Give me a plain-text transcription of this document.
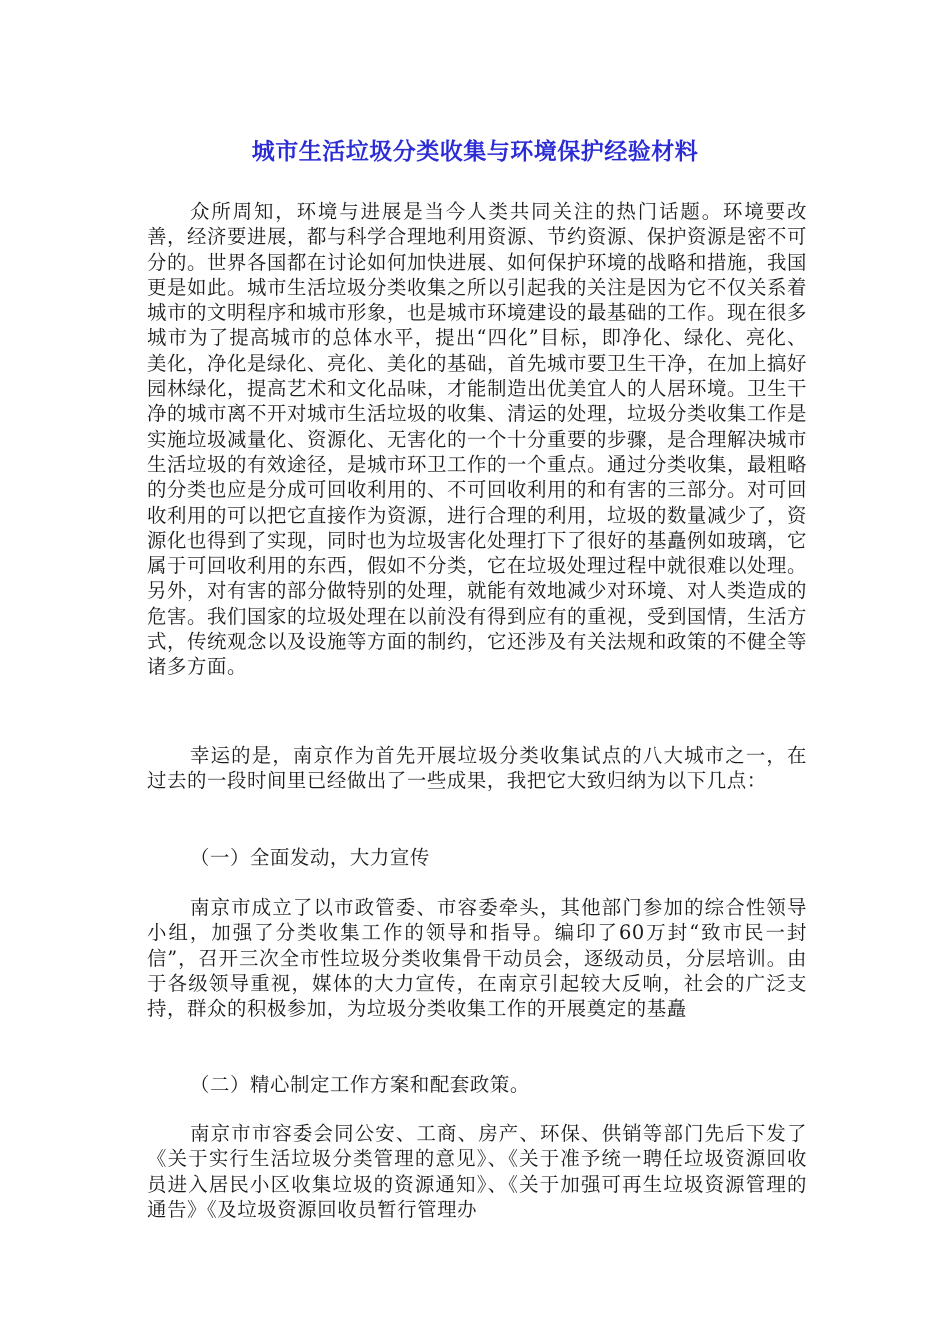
城市生活垃圾分类收集与环境保护经验材料

众所周知，环境与进展是当今人类共同关注的热门话题。环境要改善，经济要进展，都与科学合理地利用资源、节约资源、保护资源是密不可分的。世界各国都在讨论如何加快进展、如何保护环境的战略和措施，我国更是如此。城市生活垃圾分类收集之所以引起我的关注是因为它不仅关系着城市的文明程序和城市形象，也是城市环境建设的最基础的工作。现在很多城市为了提高城市的总体水平，提出“四化”目标，即净化、绿化、亮化、美化，净化是绿化、亮化、美化的基础，首先城市要卫生干净，在加上搞好园林绿化，提高艺术和文化品味，才能制造出优美宜人的人居环境。卫生干净的城市离不开对城市生活垃圾的收集、清运的处理，垃圾分类收集工作是实施垃圾减量化、资源化、无害化的一个十分重要的步骤，是合理解决城市生活垃圾的有效途径，是城市环卫工作的一个重点。通过分类收集，最粗略的分类也应是分成可回收利用的、不可回收利用的和有害的三部分。对可回收利用的可以把它直接作为资源，进行合理的利用，垃圾的数量减少了，资源化也得到了实现，同时也为垃圾害化处理打下了很好的基矗例如玻璃，它属于可回收利用的东西，假如不分类，它在垃圾处理过程中就很难以处理。另外，对有害的部分做特别的处理，就能有效地减少对环境、对人类造成的危害。我们国家的垃圾处理在以前没有得到应有的重视，受到国情，生活方式，传统观念以及设施等方面的制约，它还涉及有关法规和政策的不健全等诸多方面。

幸运的是，南京作为首先开展垃圾分类收集试点的八大城市之一，在过去的一段时间里已经做出了一些成果，我把它大致归纳为以下几点：

（一）全面发动，大力宣传

南京市成立了以市政管委、市容委牵头，其他部门参加的综合性领导小组，加强了分类收集工作的领导和指导。编印了60万封“致市民一封信”，召开三次全市性垃圾分类收集骨干动员会，逐级动员，分层培训。由于各级领导重视，媒体的大力宣传，在南京引起较大反响，社会的广泛支持，群众的积极参加，为垃圾分类收集工作的开展奠定的基矗

（二）精心制定工作方案和配套政策。

南京市市容委会同公安、工商、房产、环保、供销等部门先后下发了《关于实行生活垃圾分类管理的意见》、《关于准予统一聘任垃圾资源回收员进入居民小区收集垃圾的资源通知》、《关于加强可再生垃圾资源管理的通告》《及垃圾资源回收员暂行管理办
